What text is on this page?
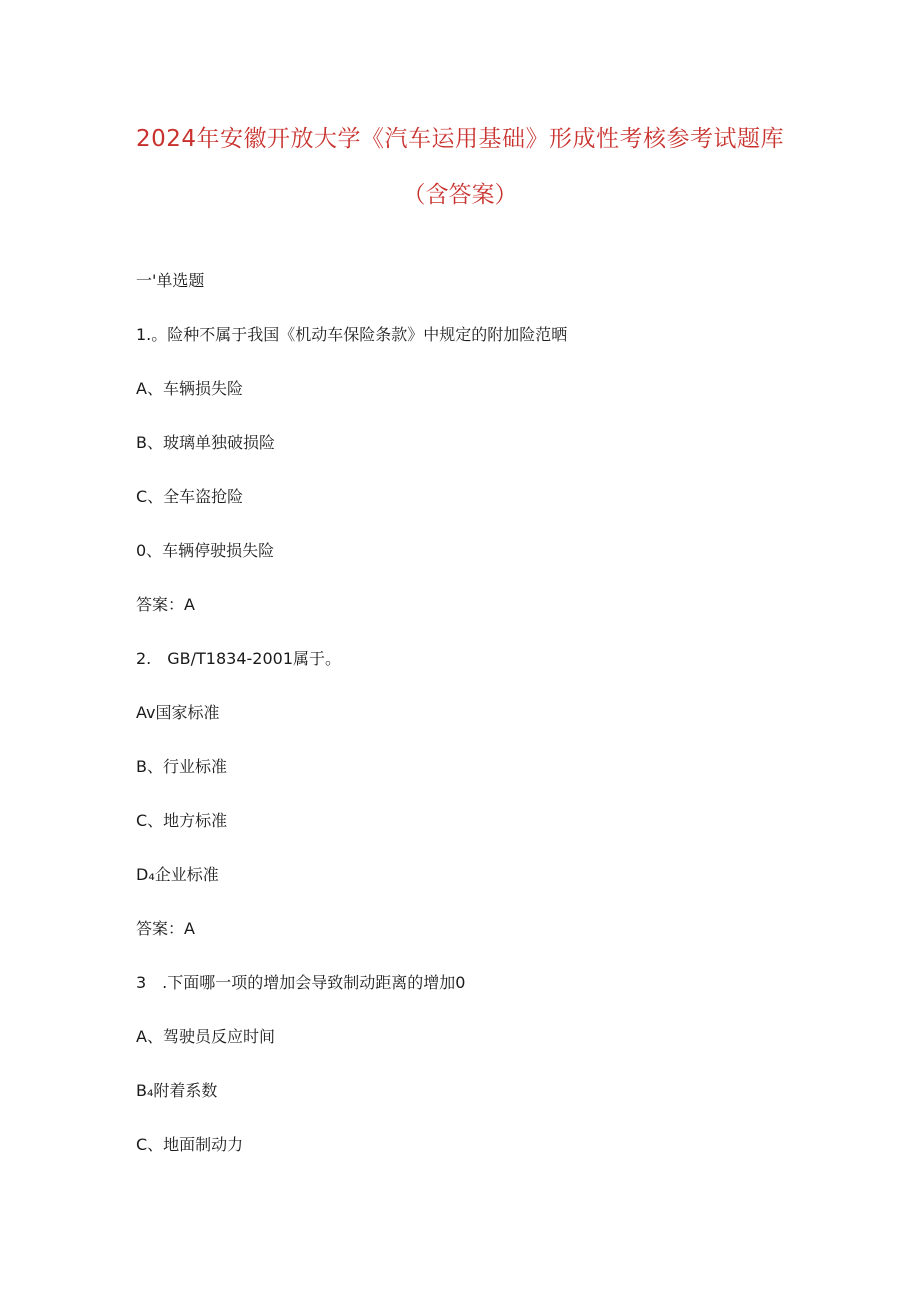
2024年安徽开放大学《汽车运用基础》形成性考核参考试题库
（含答案）
一'单选题
1.。险种不属于我国《机动车保险条款》中规定的附加险范晒
A、车辆损失险
B、玻璃单独破损险
C、全车盗抢险
0、车辆停驶损失险
答案：A
2.　GB/T1834-2001属于。
Av国家标准
B、行业标准
C、地方标准
D₄企业标准
答案：A
3　.下面哪一项的增加会导致制动距离的增加0
A、驾驶员反应时间
B₄附着系数
C、地面制动力
